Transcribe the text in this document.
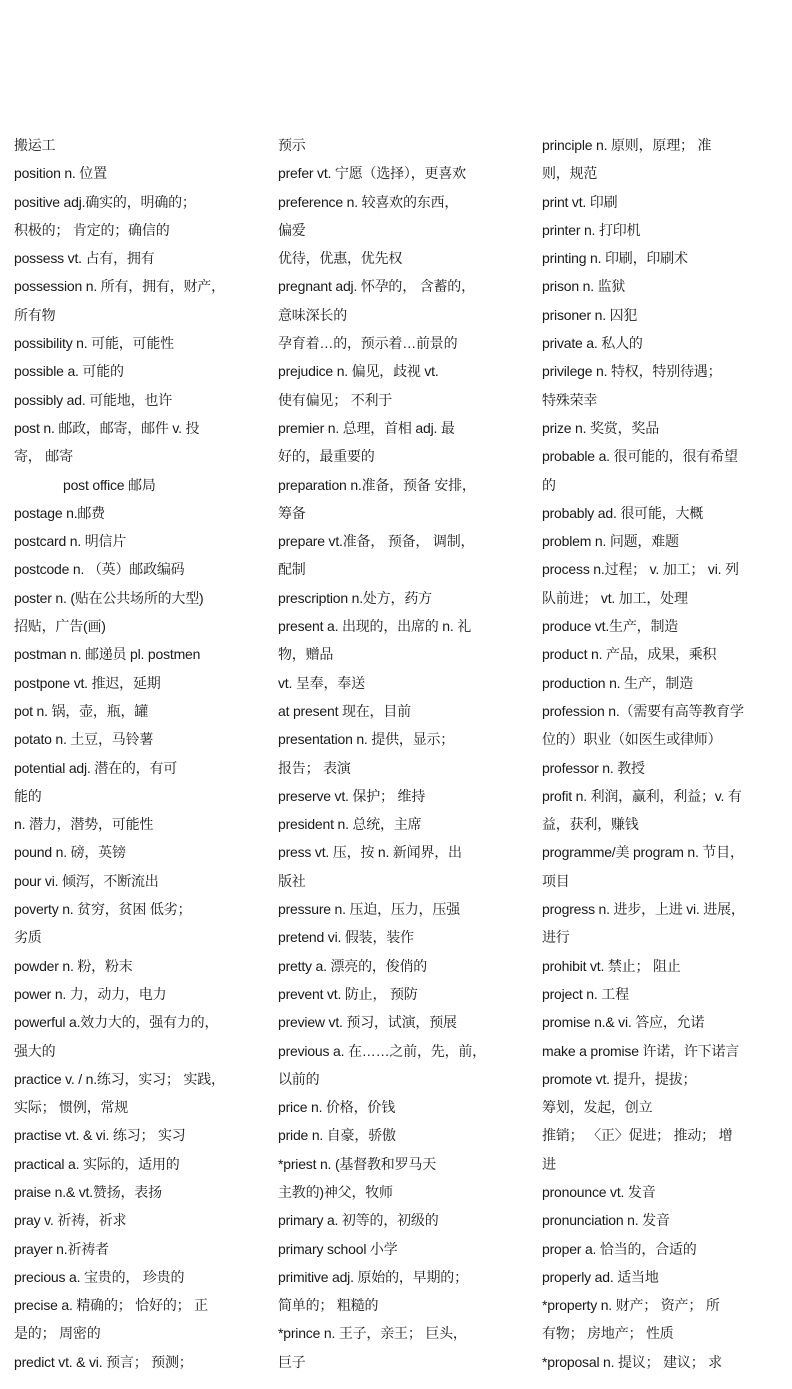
搬运工
position n. 位置
positive adj.确实的，明确的；
积极的； 肯定的；确信的
possess vt. 占有，拥有
possession n. 所有，拥有，财产，
所有物
possibility n. 可能，可能性
possible a. 可能的
possibly ad. 可能地，也许
post n. 邮政，邮寄，邮件 v. 投
寄， 邮寄
post office 邮局
postage n.邮费
postcard n. 明信片
postcode n. （英）邮政编码
poster n. (贴在公共场所的大型)
招贴，广告(画)
postman n. 邮递员 pl. postmen
postpone vt. 推迟，延期
pot n. 锅，壶，瓶，罐
potato n. 土豆，马铃薯
potential adj. 潜在的，有可
能的
n. 潜力，潜势，可能性
pound n. 磅，英镑
pour vi. 倾泻，不断流出
poverty n. 贫穷，贫困 低劣；
劣质
powder n. 粉，粉末
power n. 力，动力，电力
powerful a.效力大的，强有力的，
强大的
practice v. / n.练习，实习； 实践，
实际； 惯例，常规
practise vt. & vi. 练习； 实习
practical a. 实际的，适用的
praise n.& vt.赞扬，表扬
pray v. 祈祷，祈求
prayer n.祈祷者
precious a. 宝贵的， 珍贵的
precise a. 精确的； 恰好的； 正
是的； 周密的
predict vt. & vi. 预言； 预测；
预示
prefer vt. 宁愿（选择），更喜欢
preference n. 较喜欢的东西，
偏爱
优待，优惠，优先权
pregnant adj. 怀孕的， 含蓄的，
意味深长的
孕育着…的，预示着…前景的
prejudice n. 偏见，歧视 vt.
使有偏见； 不利于
premier n. 总理，首相 adj. 最
好的，最重要的
preparation n.准备，预备 安排，
筹备
prepare vt.准备， 预备， 调制，
配制
prescription n.处方，药方
present a. 出现的，出席的 n. 礼
物，赠品
vt. 呈奉，奉送
at present 现在，目前
presentation n. 提供，显示；
报告； 表演
preserve vt. 保护； 维持
president n. 总统，主席
press vt. 压，按 n. 新闻界，出
版社
pressure n. 压迫，压力，压强
pretend vi. 假装，装作
pretty a. 漂亮的，俊俏的
prevent vt. 防止， 预防
preview vt. 预习，试演，预展
previous a. 在……之前，先，前，
以前的
price n. 价格，价钱
pride n. 自豪，骄傲
*priest n. (基督教和罗马天
主教的)神父，牧师
primary a. 初等的，初级的
primary school 小学
primitive adj. 原始的，早期的；
简单的； 粗糙的
*prince n. 王子，亲王； 巨头，
巨子
principle n. 原则，原理； 准
则，规范
print vt. 印刷
printer n. 打印机
printing n. 印刷，印刷术
prison n. 监狱
prisoner n. 囚犯
private a. 私人的
privilege n. 特权，特别待遇；
特殊荣幸
prize n. 奖赏，奖品
probable a. 很可能的，很有希望
的
probably ad. 很可能，大概
problem n. 问题，难题
process n.过程； v. 加工； vi. 列
队前进； vt. 加工，处理
produce vt.生产，制造
product n. 产品，成果，乘积
production n. 生产，制造
profession n.（需要有高等教育学
位的）职业（如医生或律师）
professor n. 教授
profit n. 利润，赢利，利益；v. 有
益，获利，赚钱
programme/美 program n. 节目，
项目
progress n. 进步，上进 vi. 进展，
进行
prohibit vt. 禁止； 阻止
project n. 工程
promise n.& vi. 答应，允诺
make a promise 许诺，许下诺言
promote vt. 提升，提拔；
筹划，发起，创立
推销； 〈正〉促进； 推动； 增
进
pronounce vt. 发音
pronunciation n. 发音
proper a. 恰当的，合适的
properly ad. 适当地
*property n. 财产； 资产； 所
有物； 房地产； 性质
*proposal n. 提议； 建议； 求
